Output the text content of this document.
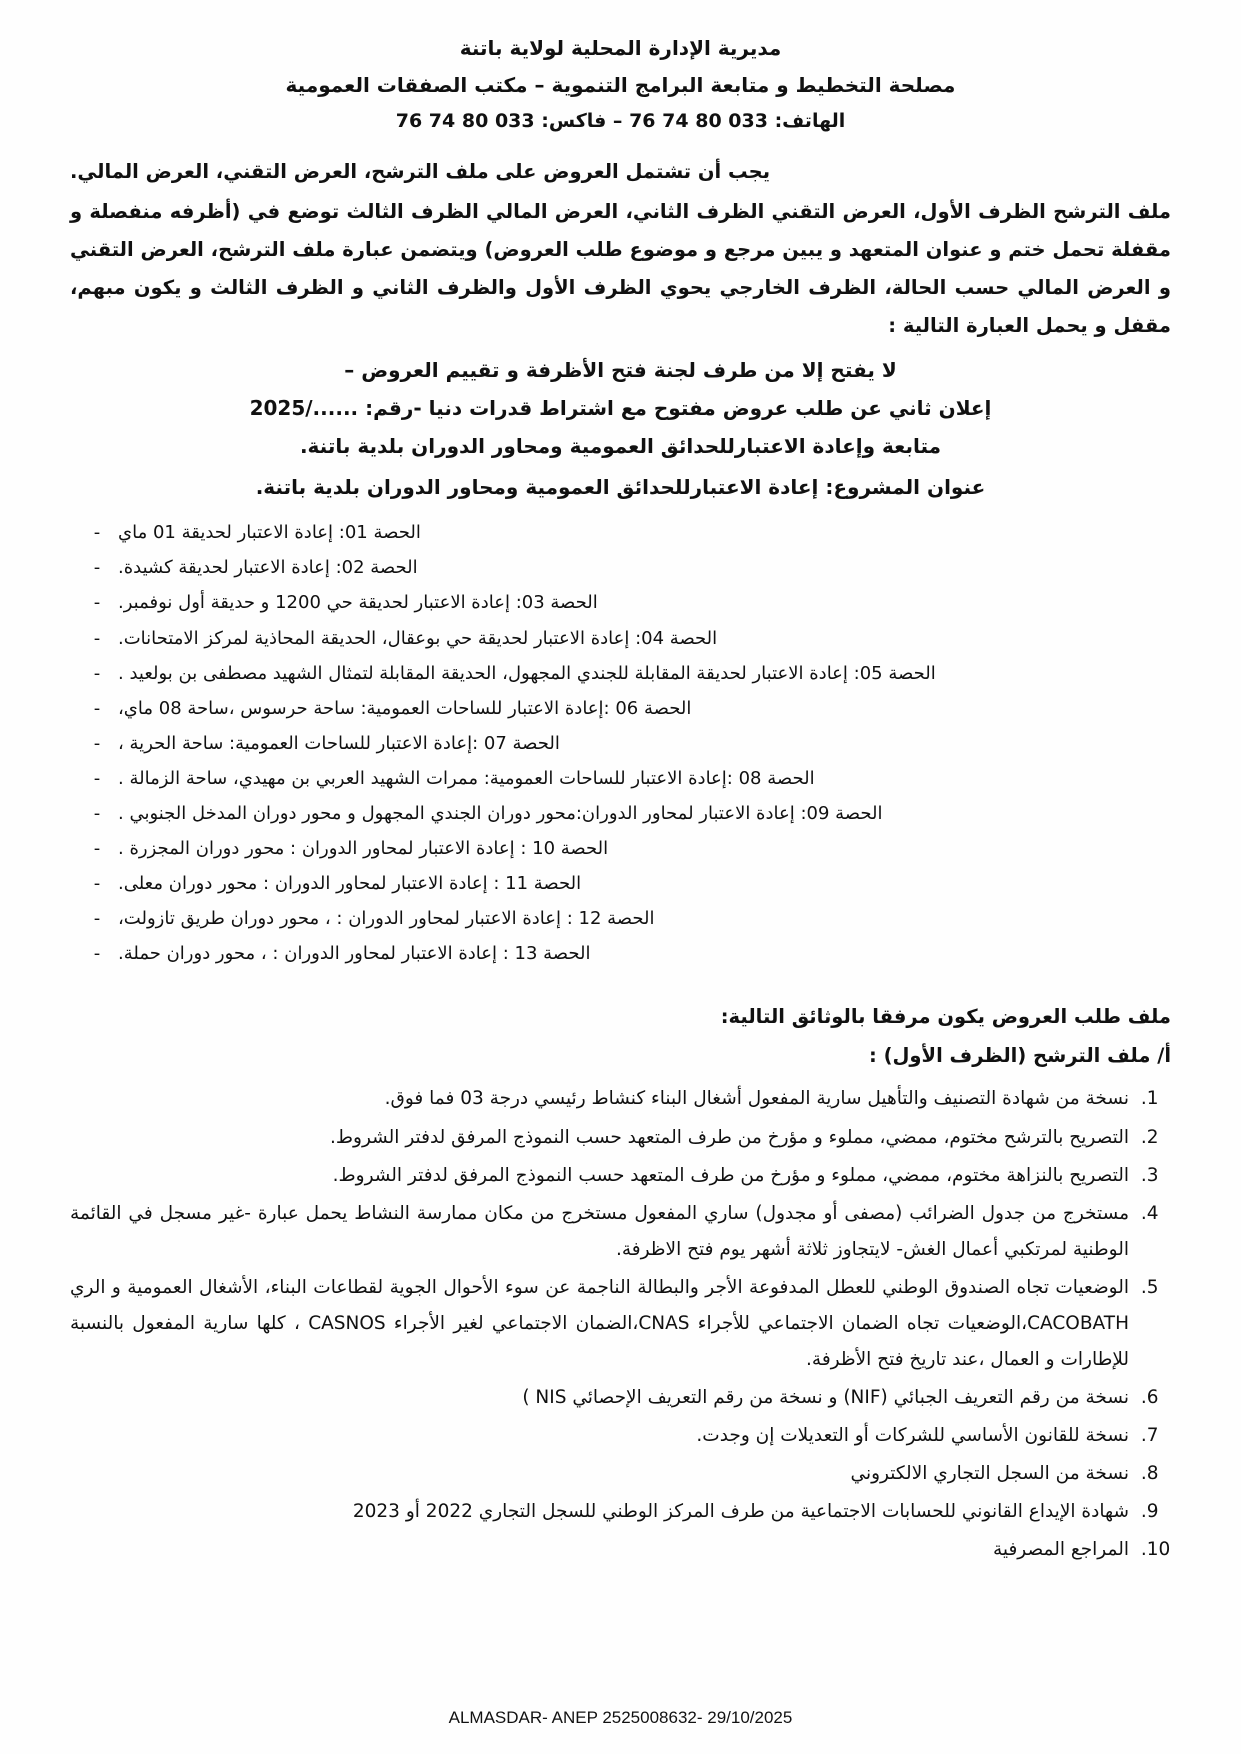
مديرية الإدارة المحلية لولاية باتنة
مصلحة التخطيط و متابعة البرامج التنموية – مكتب الصفقات العمومية
الهاتف: 033 80 74 76 – فاكس: 033 80 74 76

يجب أن تشتمل العروض على ملف الترشح، العرض التقني، العرض المالي.

ملف الترشح الظرف الأول، العرض التقني الظرف الثاني، العرض المالي الظرف الثالث توضع في (أظرفه منفصلة و مقفلة تحمل ختم و عنوان المتعهد و يبين مرجع و موضوع طلب العروض) ويتضمن عبارة ملف الترشح، العرض التقني و العرض المالي حسب الحالة، الظرف الخارجي يحوي الظرف الأول والظرف الثاني و الظرف الثالث و يكون مبهم، مقفل و يحمل العبارة التالية :

لا يفتح إلا من طرف لجنة فتح الأظرفة و تقييم العروض –
إعلان ثاني عن طلب عروض مفتوح مع اشتراط قدرات دنيا -رقم: ....../2025
متابعة وإعادة الاعتبارللحدائق العمومية ومحاور الدوران بلدية باتنة.
عنوان المشروع: إعادة الاعتبارللحدائق العمومية ومحاور الدوران بلدية باتنة.
الحصة 01: إعادة الاعتبار لحديقة 01 ماي
-
الحصة 02: إعادة الاعتبار لحديقة كشيدة.
-
الحصة 03: إعادة الاعتبار لحديقة حي 1200 و حديقة أول نوفمبر.
-
الحصة 04: إعادة الاعتبار لحديقة حي بوعقال، الحديقة المحاذية لمركز الامتحانات.
-
الحصة 05: إعادة الاعتبار لحديقة المقابلة للجندي المجهول، الحديقة المقابلة لتمثال الشهيد مصطفى بن بولعيد .
-
الحصة 06 :إعادة الاعتبار للساحات العمومية: ساحة حرسوس ،ساحة 08 ماي،
-
الحصة 07 :إعادة الاعتبار للساحات العمومية: ساحة الحرية ،
-
الحصة 08 :إعادة الاعتبار للساحات العمومية: ممرات الشهيد العربي بن مهيدي، ساحة الزمالة .
-
الحصة 09: إعادة الاعتبار لمحاور الدوران:محور دوران الجندي المجهول و محور دوران المدخل الجنوبي .
-
الحصة 10 : إعادة الاعتبار لمحاور الدوران : محور دوران المجزرة .
-
الحصة 11 : إعادة الاعتبار لمحاور الدوران : محور دوران معلى.
-
الحصة 12 : إعادة الاعتبار لمحاور الدوران : ، محور دوران طريق تازولت،
-
الحصة 13 : إعادة الاعتبار لمحاور الدوران : ، محور دوران حملة.
-
ملف طلب العروض يكون مرفقا بالوثائق التالية:
أ/ ملف الترشح (الظرف الأول) :
1. نسخة من شهادة التصنيف والتأهيل سارية المفعول أشغال البناء كنشاط رئيسي درجة 03 فما فوق.
2. التصريح بالترشح مختوم، ممضي، مملوء و مؤرخ من طرف المتعهد حسب النموذج المرفق لدفتر الشروط.
3. التصريح بالنزاهة مختوم، ممضي، مملوء و مؤرخ من طرف المتعهد حسب النموذج المرفق لدفتر الشروط.
4. مستخرج من جدول الضرائب (مصفى أو مجدول) ساري المفعول مستخرج من مكان ممارسة النشاط يحمل عبارة -غير مسجل في القائمة الوطنية لمرتكبي أعمال الغش- لايتجاوز ثلاثة أشهر يوم فتح الاظرفة.
5. الوضعيات تجاه الصندوق الوطني للعطل المدفوعة الأجر والبطالة الناجمة عن سوء الأحوال الجوية لقطاعات البناء، الأشغال العمومية و الري CACOBATH،الوضعيات تجاه الضمان الاجتماعي للأجراء CNAS،الضمان الاجتماعي لغير الأجراء CASNOS ، كلها سارية المفعول بالنسبة للإطارات و العمال ،عند تاريخ فتح الأظرفة.
6. نسخة من رقم التعريف الجبائي (NIF) و نسخة من رقم التعريف الإحصائي NIS )
7. نسخة للقانون الأساسي للشركات أو التعديلات إن وجدت.
8. نسخة من السجل التجاري الالكتروني
9. شهادة الإيداع القانوني للحسابات الاجتماعية من طرف المركز الوطني للسجل التجاري 2022 أو 2023
10. المراجع المصرفية
ALMASDAR- ANEP 2525008632- 29/10/2025
